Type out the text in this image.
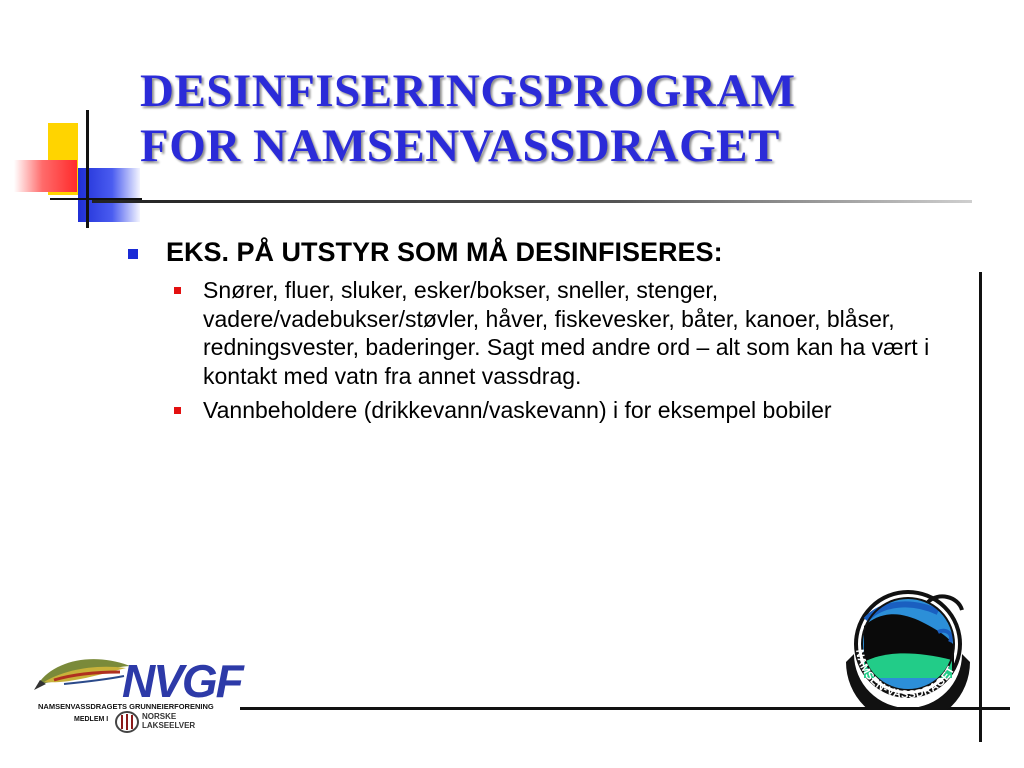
DESINFISERINGSPROGRAM
FOR NAMSENVASSDRAGET
EKS. PÅ UTSTYR SOM MÅ DESINFISERES:
Snører, fluer, sluker, esker/bokser, sneller, stenger, vadere/vadebukser/støvler, håver, fiskevesker, båter, kanoer, blåser, redningsvester, baderinger. Sagt med andre ord – alt som kan ha vært i kontakt med vatn fra annet vassdrag.
Vannbeholdere (drikkevann/vaskevann) i for eksempel bobiler
NVGF
NAMSENVASSDRAGETS GRUNNEIERFORENING
MEDLEM I	NORSKE
LAKSEELVER
NAMSEN-VASSDRAGET
